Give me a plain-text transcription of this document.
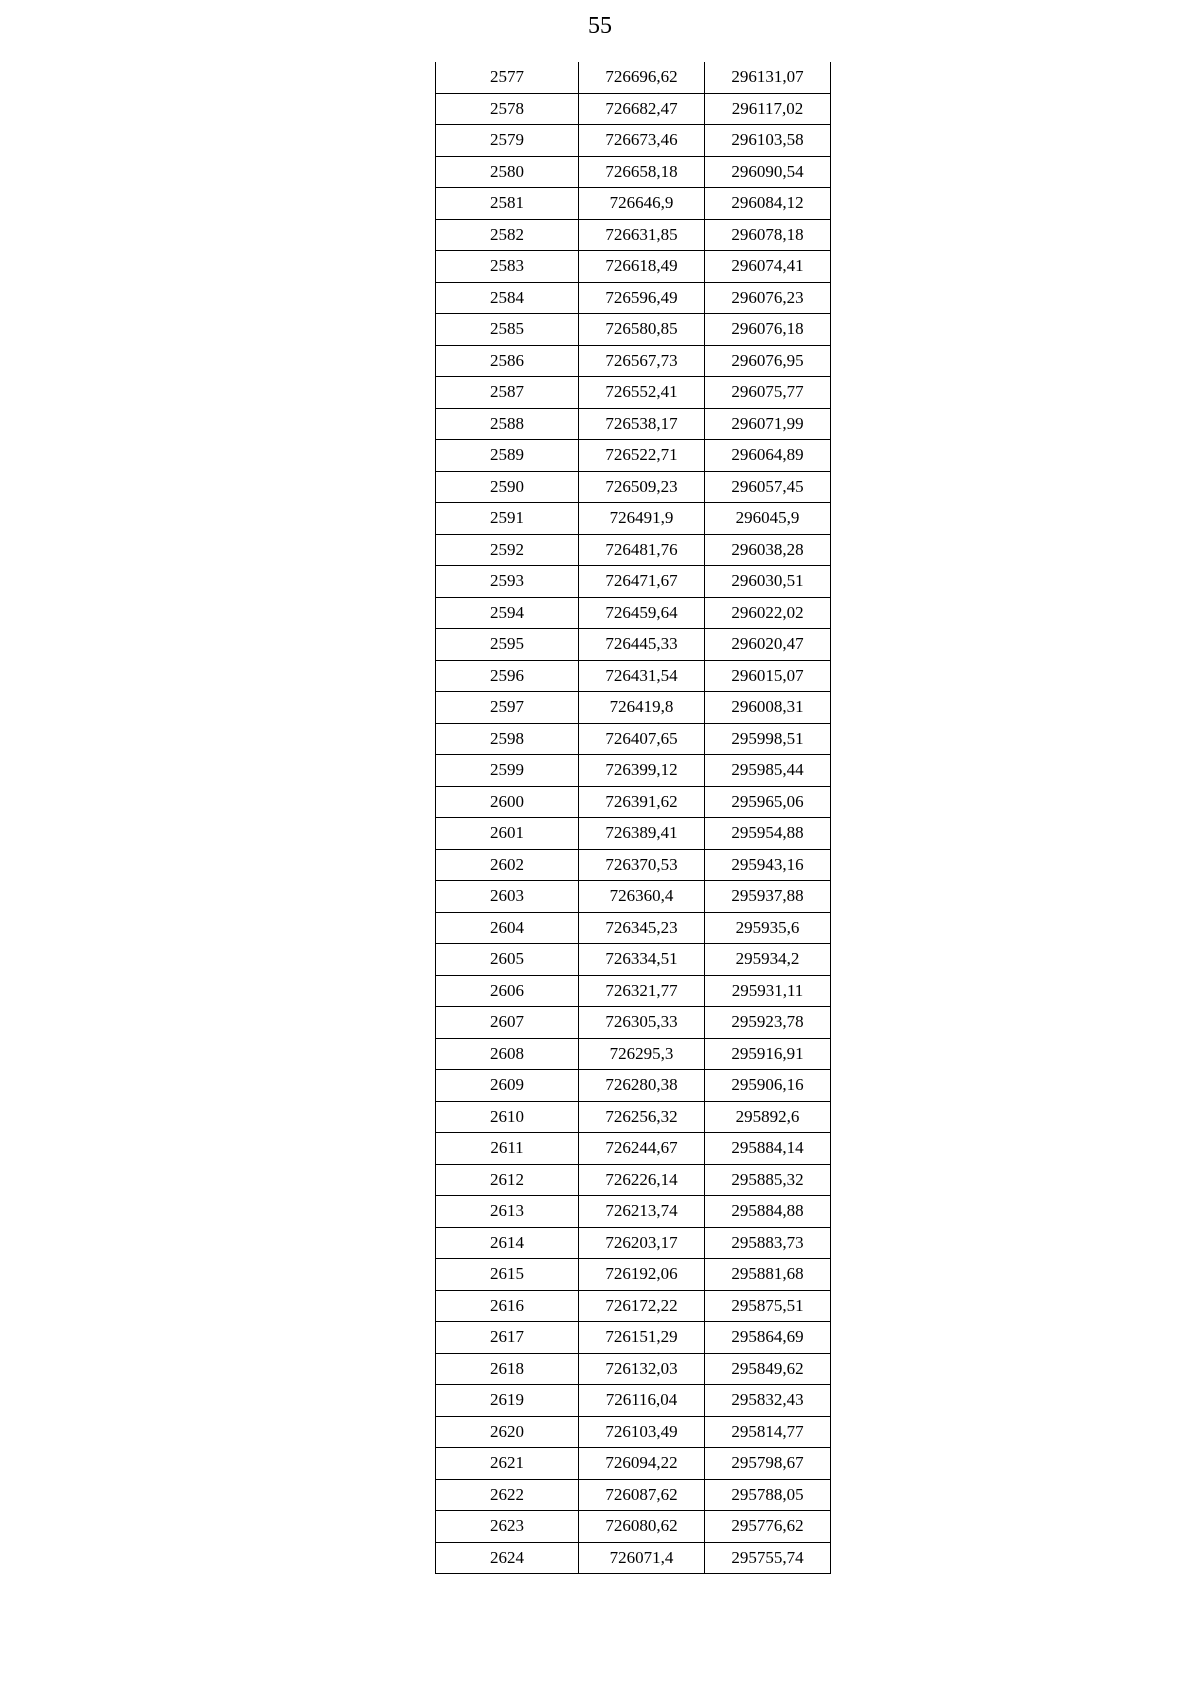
55
2577	726696,62	296131,07
2578	726682,47	296117,02
2579	726673,46	296103,58
2580	726658,18	296090,54
2581	726646,9	296084,12
2582	726631,85	296078,18
2583	726618,49	296074,41
2584	726596,49	296076,23
2585	726580,85	296076,18
2586	726567,73	296076,95
2587	726552,41	296075,77
2588	726538,17	296071,99
2589	726522,71	296064,89
2590	726509,23	296057,45
2591	726491,9	296045,9
2592	726481,76	296038,28
2593	726471,67	296030,51
2594	726459,64	296022,02
2595	726445,33	296020,47
2596	726431,54	296015,07
2597	726419,8	296008,31
2598	726407,65	295998,51
2599	726399,12	295985,44
2600	726391,62	295965,06
2601	726389,41	295954,88
2602	726370,53	295943,16
2603	726360,4	295937,88
2604	726345,23	295935,6
2605	726334,51	295934,2
2606	726321,77	295931,11
2607	726305,33	295923,78
2608	726295,3	295916,91
2609	726280,38	295906,16
2610	726256,32	295892,6
2611	726244,67	295884,14
2612	726226,14	295885,32
2613	726213,74	295884,88
2614	726203,17	295883,73
2615	726192,06	295881,68
2616	726172,22	295875,51
2617	726151,29	295864,69
2618	726132,03	295849,62
2619	726116,04	295832,43
2620	726103,49	295814,77
2621	726094,22	295798,67
2622	726087,62	295788,05
2623	726080,62	295776,62
2624	726071,4	295755,74
